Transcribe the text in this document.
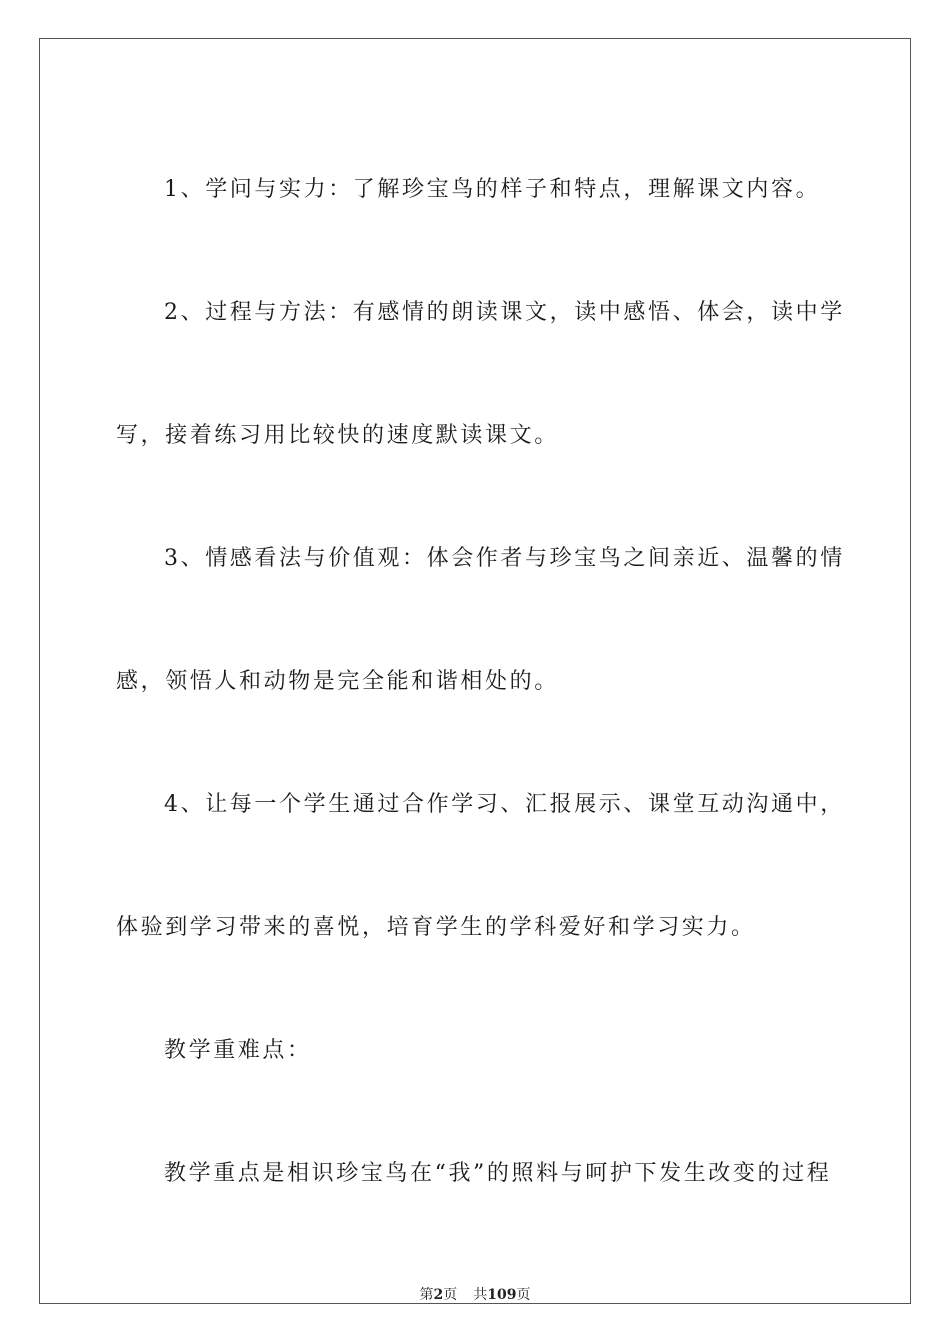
1、学问与实力：了解珍宝鸟的样子和特点，理解课文内容。
2、过程与方法：有感情的朗读课文，读中感悟、体会，读中学
写，接着练习用比较快的速度默读课文。
3、情感看法与价值观：体会作者与珍宝鸟之间亲近、温馨的情
感，领悟人和动物是完全能和谐相处的。
4、让每一个学生通过合作学习、汇报展示、课堂互动沟通中，
体验到学习带来的喜悦，培育学生的学科爱好和学习实力。
教学重难点：
教学重点是相识珍宝鸟在“我”的照料与呵护下发生改变的过程
第2页 共109页
